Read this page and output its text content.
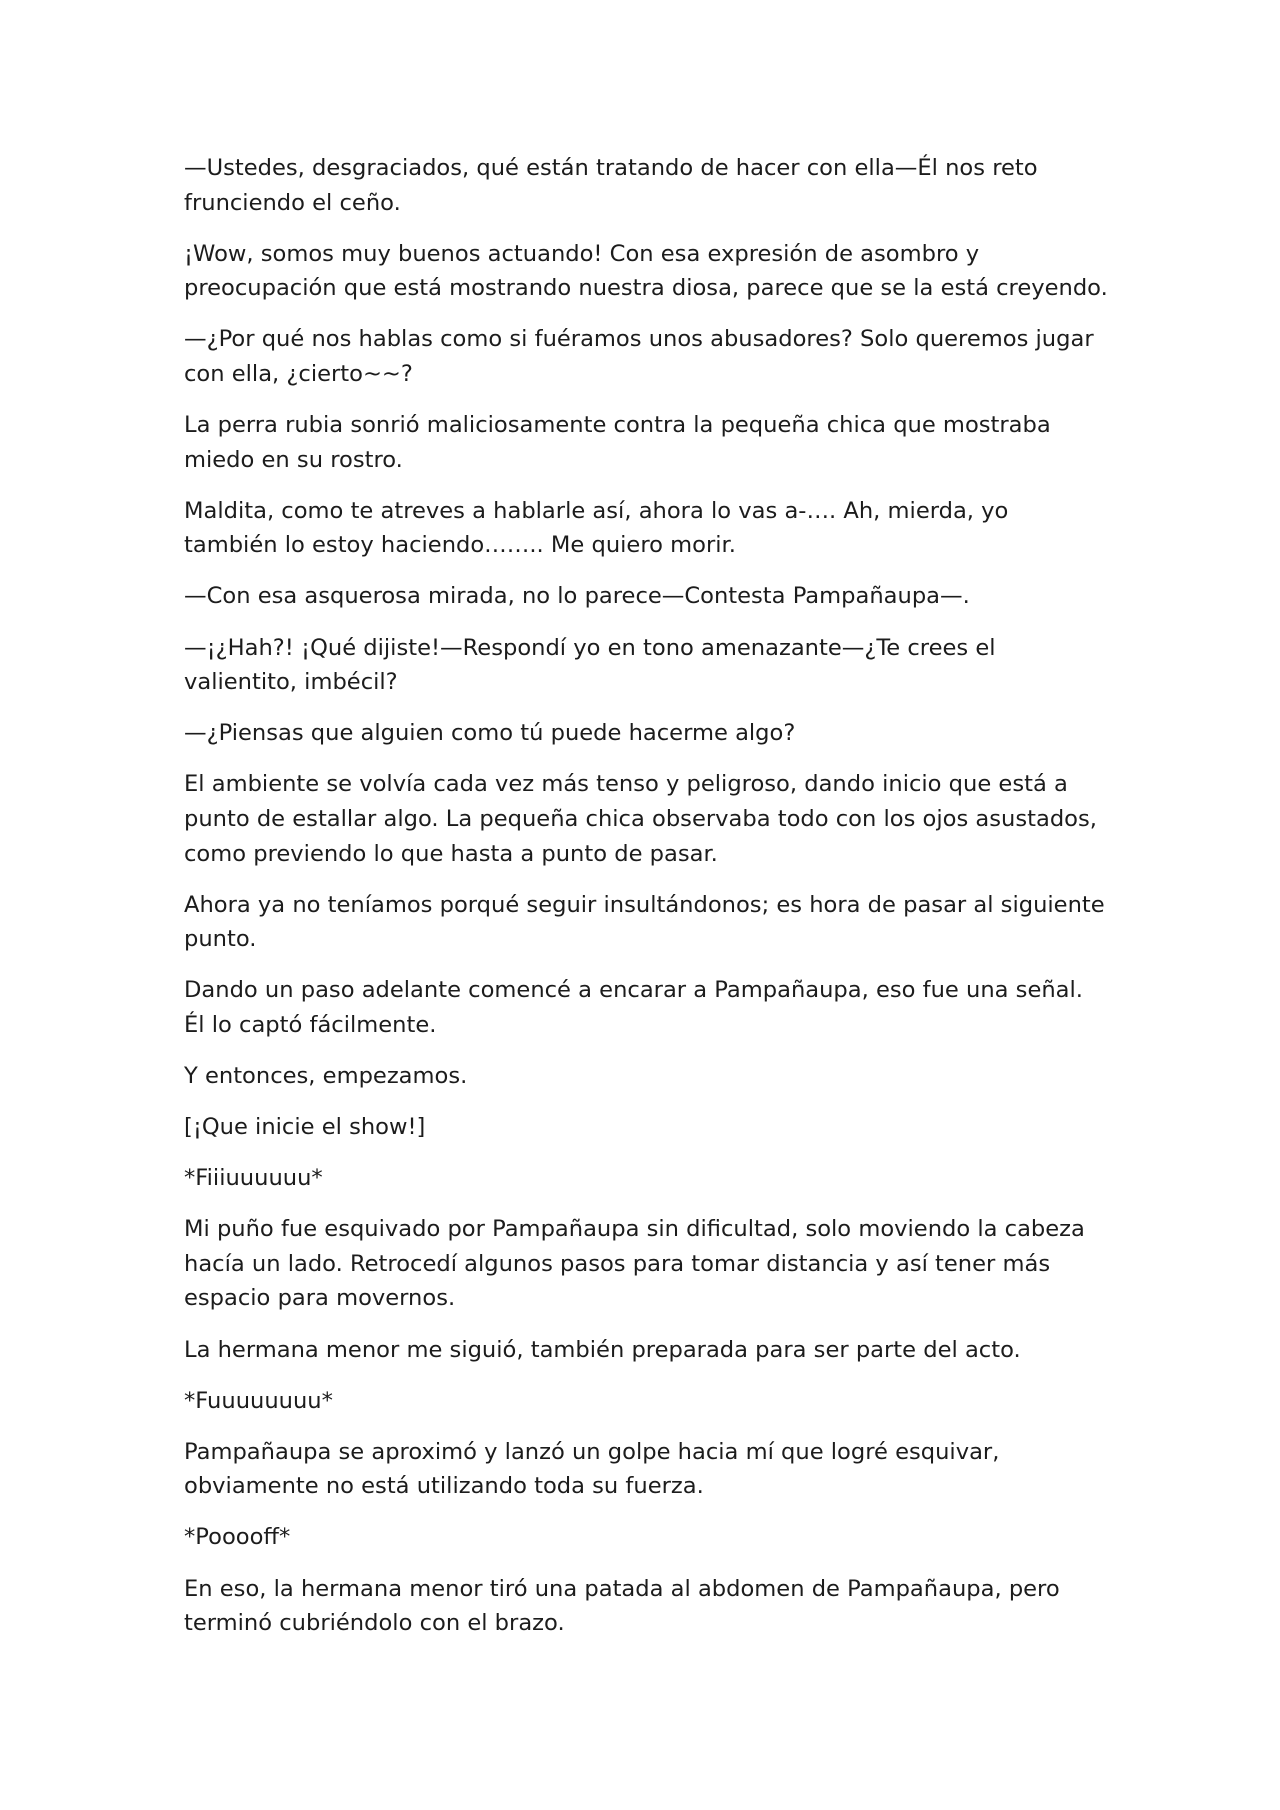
—Ustedes, desgraciados, qué están tratando de hacer con ella—Él nos reto frunciendo el ceño.

¡Wow, somos muy buenos actuando! Con esa expresión de asombro y preocupación que está mostrando nuestra diosa, parece que se la está creyendo.

—¿Por qué nos hablas como si fuéramos unos abusadores? Solo queremos jugar con ella, ¿cierto~~?

La perra rubia sonrió maliciosamente contra la pequeña chica que mostraba miedo en su rostro.

Maldita, como te atreves a hablarle así, ahora lo vas a-…. Ah, mierda, yo también lo estoy haciendo…….. Me quiero morir.

—Con esa asquerosa mirada, no lo parece—Contesta Pampañaupa—.

—¡¿Hah?! ¡Qué dijiste!—Respondí yo en tono amenazante—¿Te crees el valientito, imbécil?

—¿Piensas que alguien como tú puede hacerme algo?

El ambiente se volvía cada vez más tenso y peligroso, dando inicio que está a punto de estallar algo. La pequeña chica observaba todo con los ojos asustados, como previendo lo que hasta a punto de pasar.

Ahora ya no teníamos porqué seguir insultándonos; es hora de pasar al siguiente punto.

Dando un paso adelante comencé a encarar a Pampañaupa, eso fue una señal. Él lo captó fácilmente.

Y entonces, empezamos.

[¡Que inicie el show!]

*Fiiiuuuuuu*

Mi puño fue esquivado por Pampañaupa sin dificultad, solo moviendo la cabeza hacía un lado. Retrocedí algunos pasos para tomar distancia y así tener más espacio para movernos.

La hermana menor me siguió, también preparada para ser parte del acto.

*Fuuuuuuuu*

Pampañaupa se aproximó y lanzó un golpe hacia mí que logré esquivar, obviamente no está utilizando toda su fuerza.

*Pooooff*

En eso, la hermana menor tiró una patada al abdomen de Pampañaupa, pero terminó cubriéndolo con el brazo.
